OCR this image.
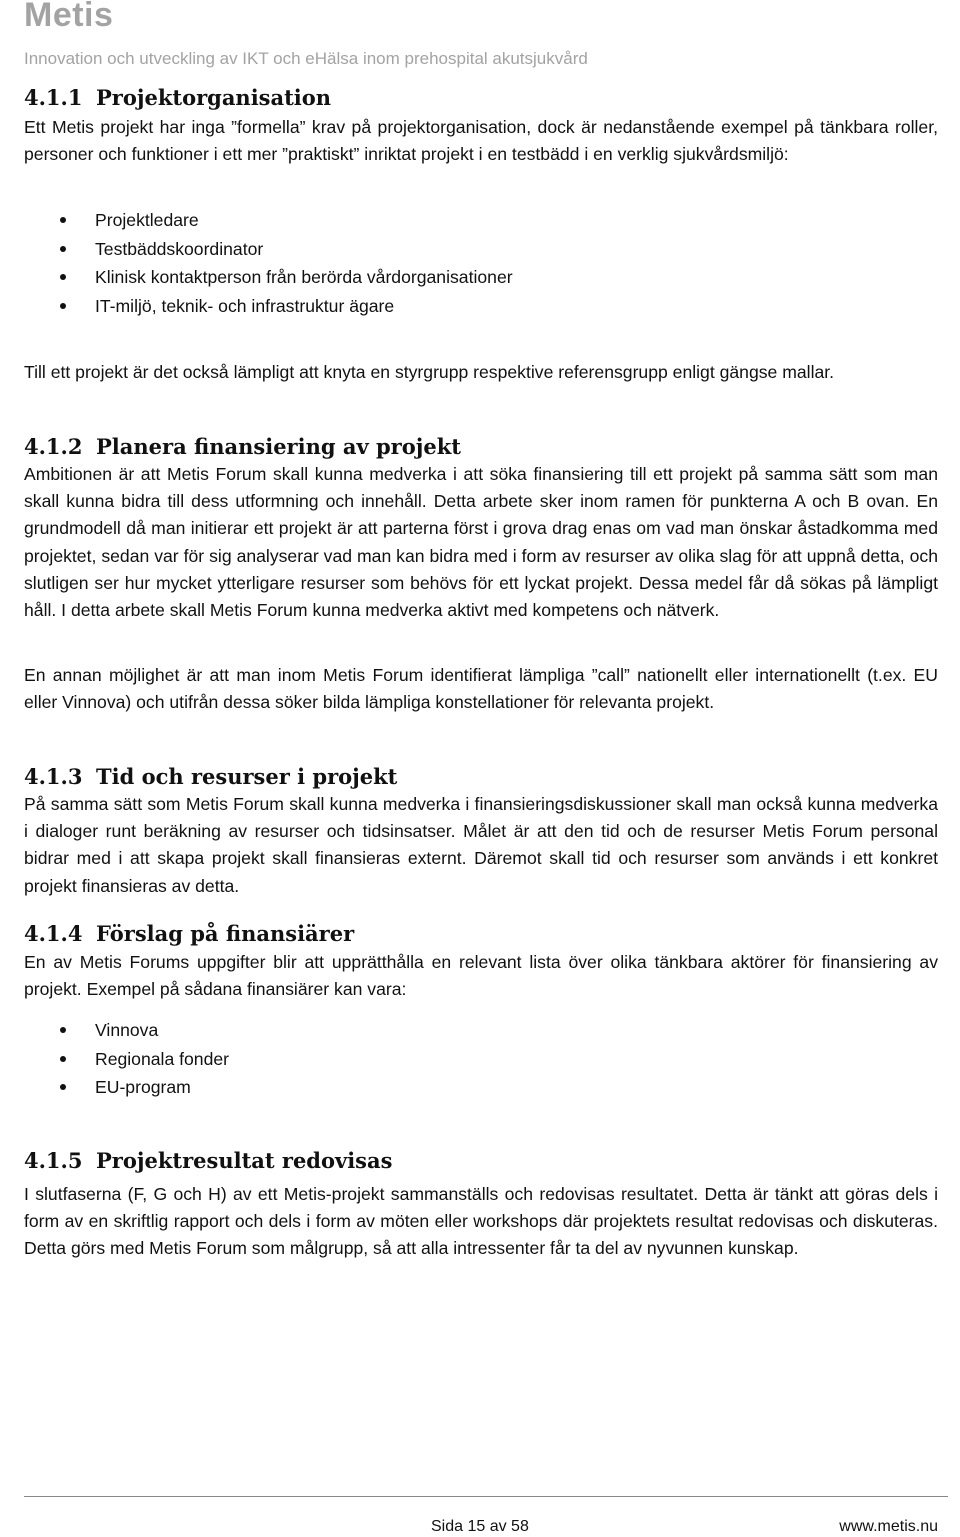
Metis
Innovation och utveckling av IKT och eHälsa inom prehospital akutsjukvård
4.1.1 Projektorganisation

Ett Metis projekt har inga ”formella” krav på projektorganisation, dock är nedanstående exempel på tänkbara roller, personer och funktioner i ett mer ”praktiskt” inriktat projekt i en testbädd i en verklig sjukvårdsmiljö:

Projektledare
Testbäddskoordinator
Klinisk kontaktperson från berörda vårdorganisationer
IT-miljö, teknik- och infrastruktur ägare

Till ett projekt är det också lämpligt att knyta en styrgrupp respektive referensgrupp enligt gängse mallar.

4.1.2 Planera finansiering av projekt

Ambitionen är att Metis Forum skall kunna medverka i att söka finansiering till ett projekt på samma sätt som man skall kunna bidra till dess utformning och innehåll. Detta arbete sker inom ramen för punkterna A och B ovan. En grundmodell då man initierar ett projekt är att parterna först i grova drag enas om vad man önskar åstadkomma med projektet, sedan var för sig analyserar vad man kan bidra med i form av resurser av olika slag för att uppnå detta, och slutligen ser hur mycket ytterligare resurser som behövs för ett lyckat projekt. Dessa medel får då sökas på lämpligt håll. I detta arbete skall Metis Forum kunna medverka aktivt med kompetens och nätverk.

En annan möjlighet är att man inom Metis Forum identifierat lämpliga ”call” nationellt eller internationellt (t.ex. EU eller Vinnova) och utifrån dessa söker bilda lämpliga konstellationer för relevanta projekt.

4.1.3 Tid och resurser i projekt

På samma sätt som Metis Forum skall kunna medverka i finansieringsdiskussioner skall man också kunna medverka i dialoger runt beräkning av resurser och tidsinsatser. Målet är att den tid och de resurser Metis Forum personal bidrar med i att skapa projekt skall finansieras externt. Däremot skall tid och resurser som används i ett konkret projekt finansieras av detta.

4.1.4 Förslag på finansiärer

En av Metis Forums uppgifter blir att upprätthålla en relevant lista över olika tänkbara aktörer för finansiering av projekt. Exempel på sådana finansiärer kan vara:

Vinnova
Regionala fonder
EU-program
4.1.5 Projektresultat redovisas

I slutfaserna (F, G och H) av ett Metis-projekt sammanställs och redovisas resultatet. Detta är tänkt att göras dels i form av en skriftlig rapport och dels i form av möten eller workshops där projektets resultat redovisas och diskuteras. Detta görs med Metis Forum som målgrupp, så att alla intressenter får ta del av nyvunnen kunskap.

Sida 15 av 58	www.metis.nu
